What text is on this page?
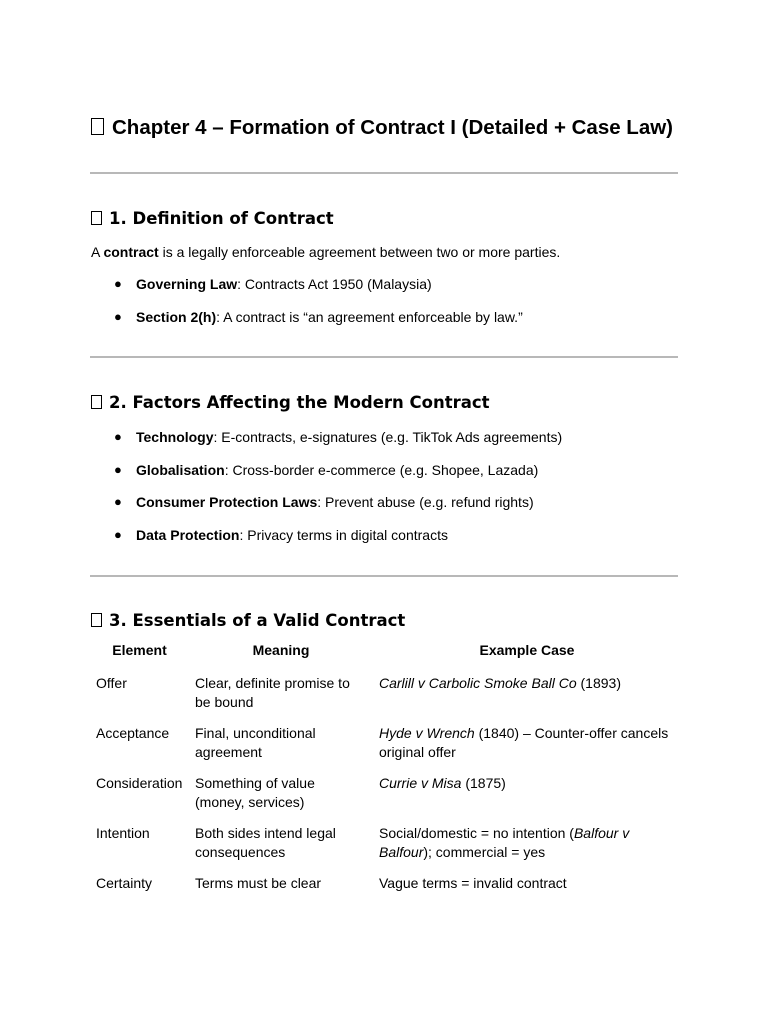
Chapter 4 – Formation of Contract I (Detailed + Case Law)
1. Definition of Contract

A contract is a legally enforceable agreement between two or more parties.

● Governing Law: Contracts Act 1950 (Malaysia)
● Section 2(h): A contract is “an agreement enforceable by law.”
2. Factors Affecting the Modern Contract
● Technology: E-contracts, e-signatures (e.g. TikTok Ads agreements)
● Globalisation: Cross-border e-commerce (e.g. Shopee, Lazada)
● Consumer Protection Laws: Prevent abuse (e.g. refund rights)
● Data Protection: Privacy terms in digital contracts
3. Essentials of a Valid Contract
Element	Meaning	Example Case
Offer	Clear, definite promise to be bound	Carlill v Carbolic Smoke Ball Co (1893)
Acceptance	Final, unconditional agreement	Hyde v Wrench (1840) – Counter-offer cancels original offer
Consideration	Something of value (money, services)	Currie v Misa (1875)
Intention	Both sides intend legal consequences	Social/domestic = no intention (Balfour v Balfour); commercial = yes
Certainty	Terms must be clear	Vague terms = invalid contract
